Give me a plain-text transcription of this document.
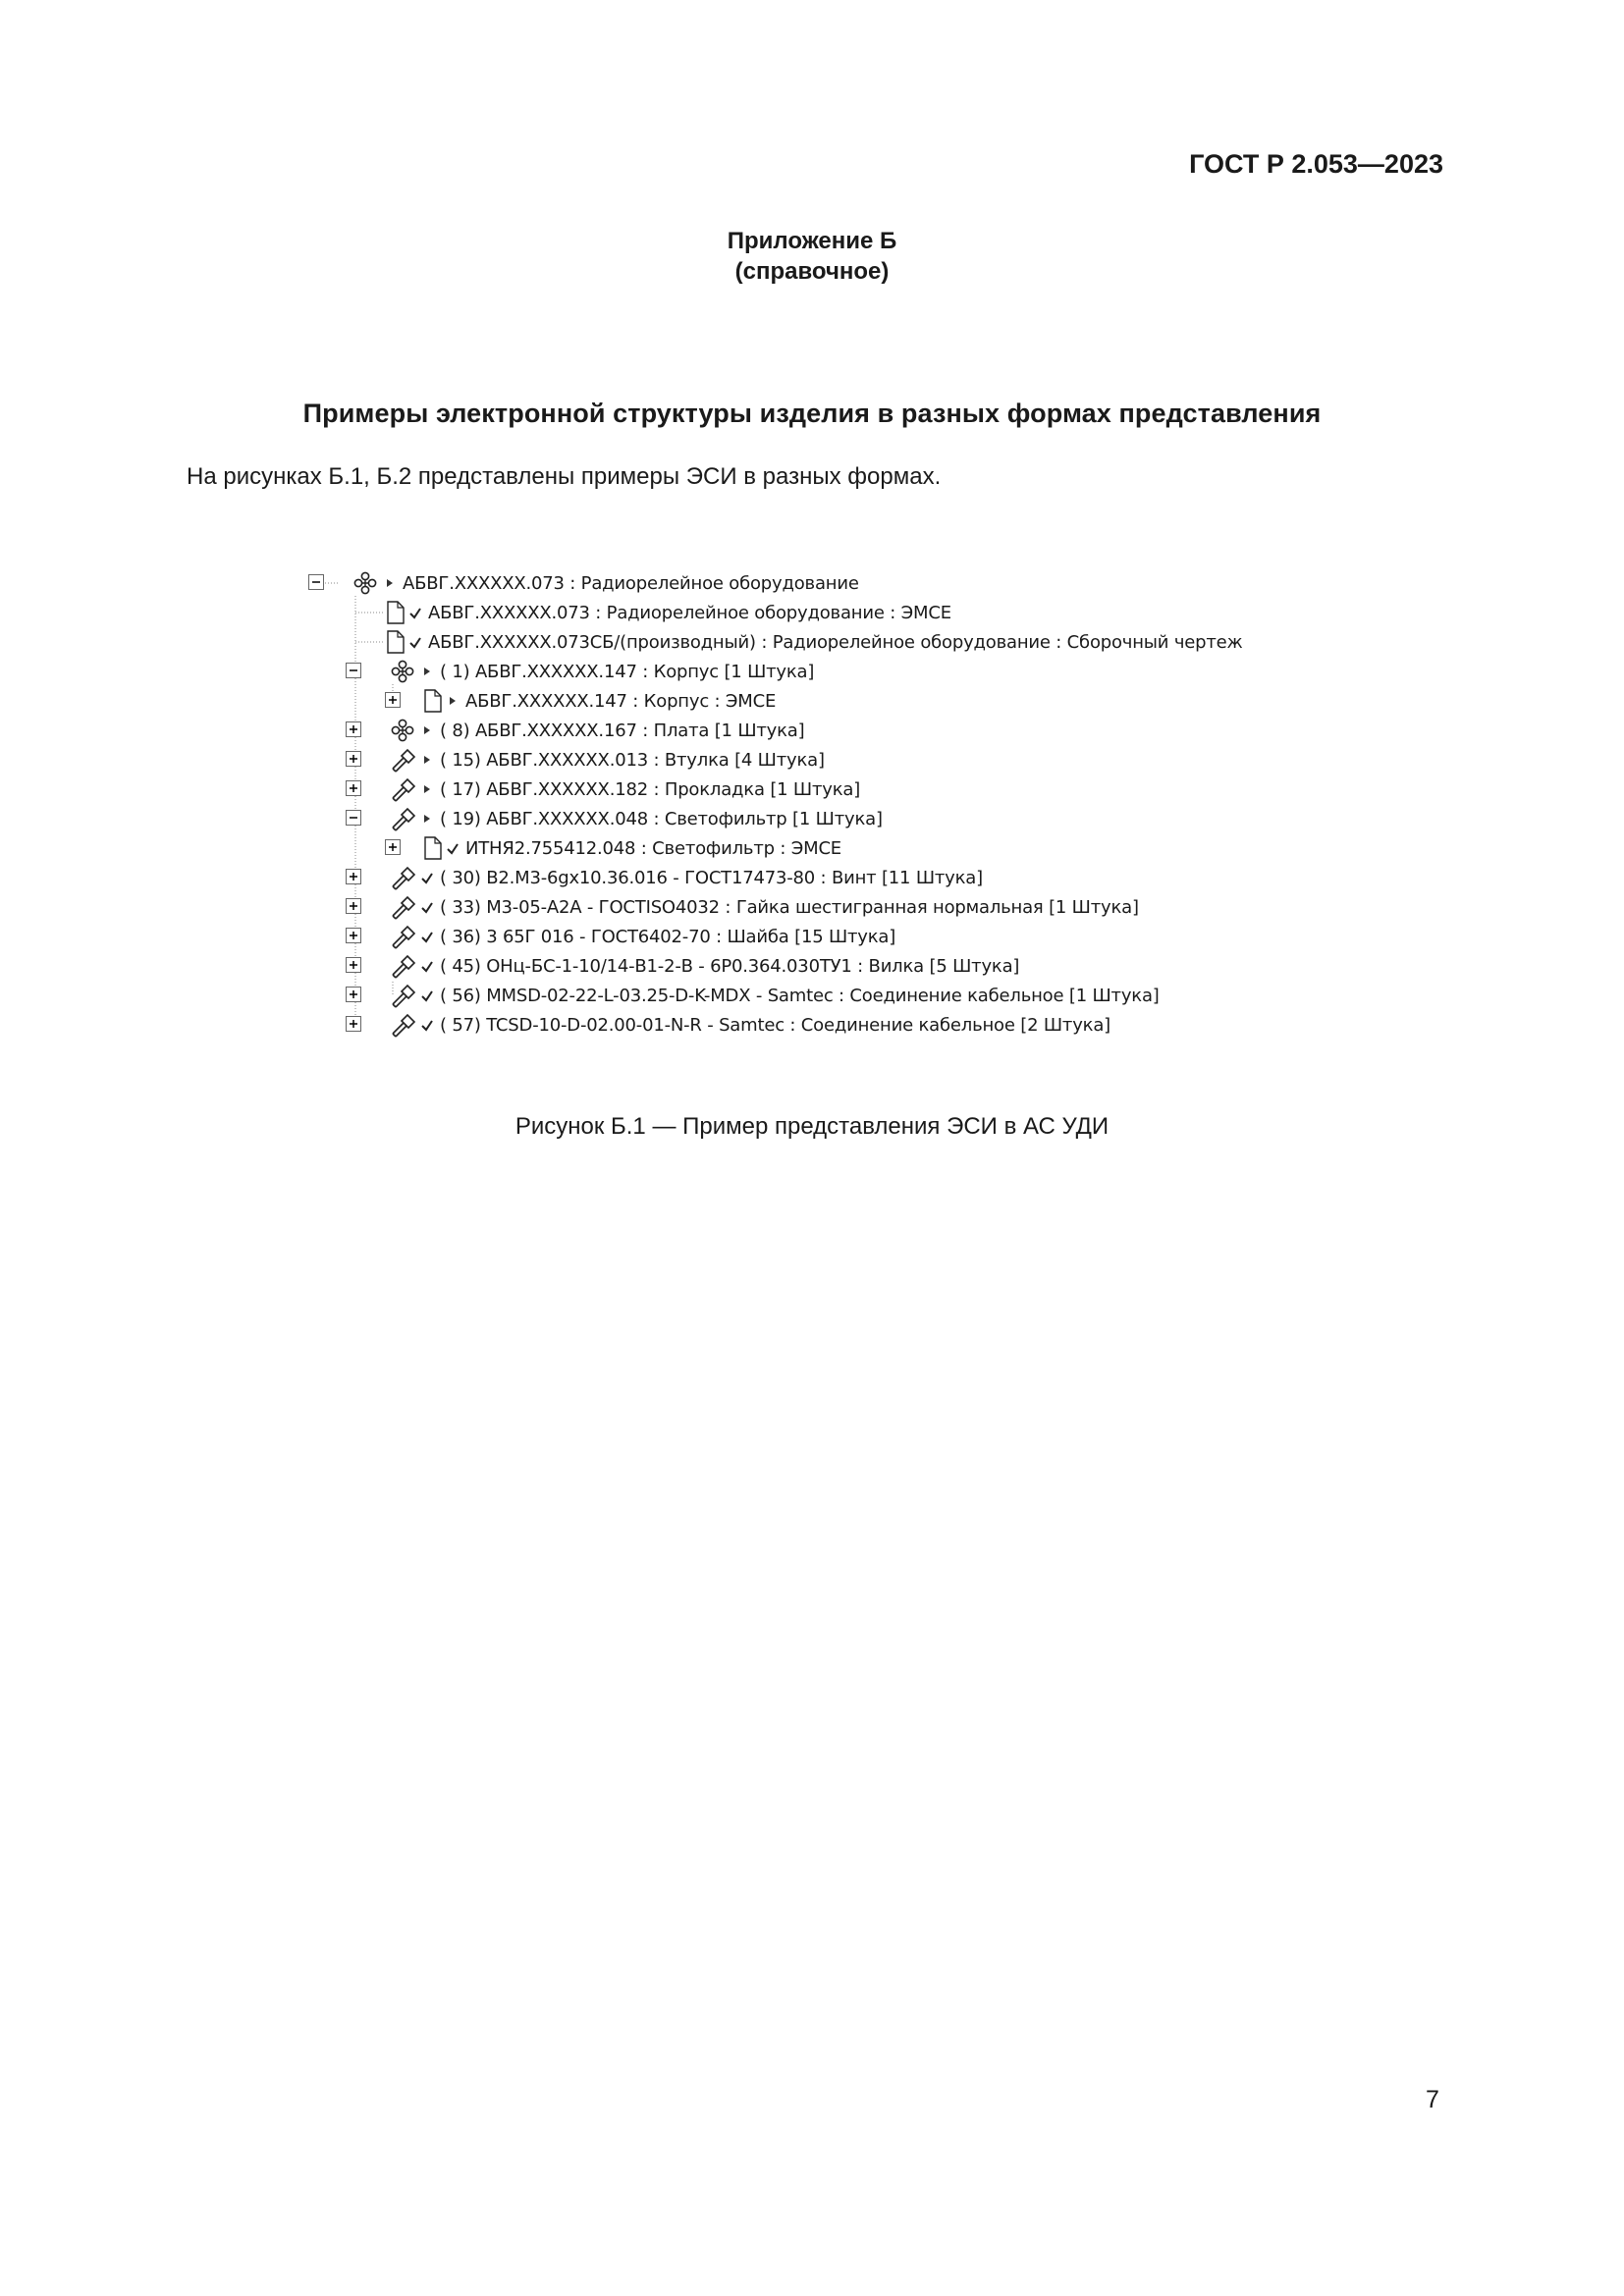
ГОСТ Р 2.053—2023
Приложение Б
(справочное)
Примеры электронной структуры изделия в разных формах представления
На рисунках Б.1, Б.2 представлены примеры ЭСИ в разных формах.
АБВГ.XXXXXX.073 : Радиорелейное оборудование
АБВГ.XXXXXX.073 : Радиорелейное оборудование : ЭМСЕ
АБВГ.XXXXXX.073СБ/(производный) : Радиорелейное оборудование : Сборочный чертеж
( 1) АБВГ.XXXXXX.147 : Корпус [1 Штука]
АБВГ.XXXXXX.147 : Корпус : ЭМСЕ
( 8) АБВГ.XXXXXX.167 : Плата [1 Штука]
( 15) АБВГ.XXXXXX.013 : Втулка [4 Штука]
( 17) АБВГ.XXXXXX.182 : Прокладка [1 Штука]
( 19) АБВГ.XXXXXX.048 : Светофильтр [1 Штука]
ИТНЯ2.755412.048 : Светофильтр : ЭМСЕ
( 30) В2.М3-6gx10.36.016 - ГОСТ17473-80 : Винт [11 Штука]
( 33) М3-05-А2А - ГОСТISO4032 : Гайка шестигранная нормальная [1 Штука]
( 36) 3 65Г 016 - ГОСТ6402-70 : Шайба [15 Штука]
( 45) ОНц-БС-1-10/14-В1-2-В - 6Р0.364.030ТУ1 : Вилка [5 Штука]
( 56) MMSD-02-22-L-03.25-D-K-MDX - Samtec : Соединение кабельное [1 Штука]
( 57) TCSD-10-D-02.00-01-N-R - Samtec : Соединение кабельное [2 Штука]
Рисунок Б.1 — Пример представления ЭСИ в АС УДИ
7
